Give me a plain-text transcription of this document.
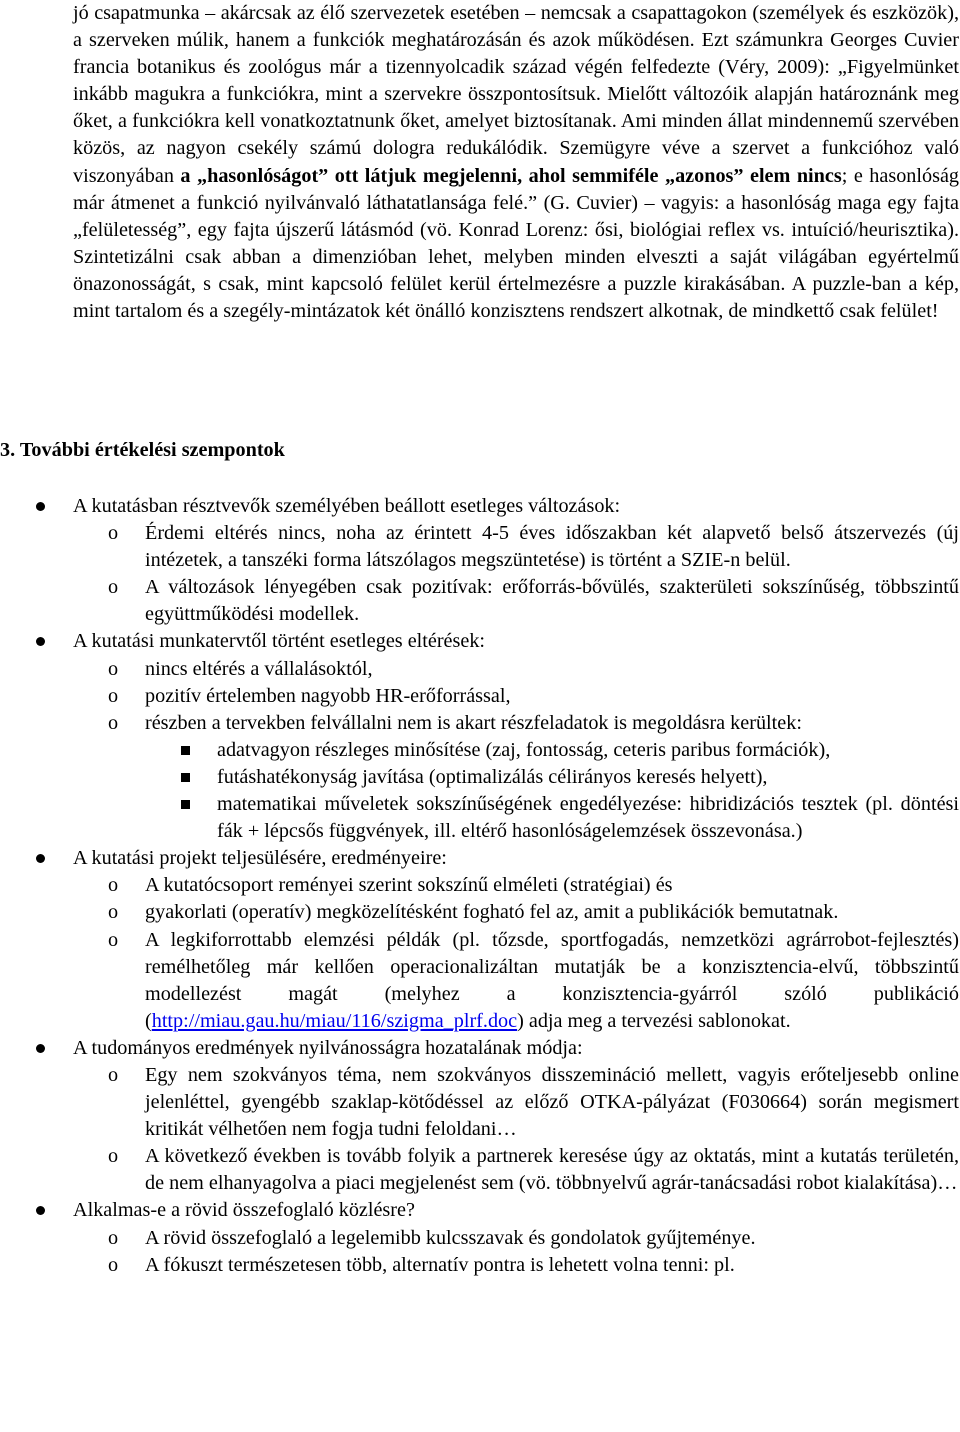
jó csapatmunka – akárcsak az élő szervezetek esetében – nemcsak a csapattagokon (személyek és eszközök), a szerveken múlik, hanem a funkciók meghatározásán és azok működésen. Ezt számunkra Georges Cuvier francia botanikus és zoológus már a tizennyolcadik század végén felfedezte (Véry, 2009): „Figyelmünket inkább magukra a funkciókra, mint a szervekre összpontosítsuk. Mielőtt változóik alapján határoznánk meg őket, a funkciókra kell vonatkoztatnunk őket, amelyet biztosítanak. Ami minden állat mindennemű szervében közös, az nagyon csekély számú dologra redukálódik. Szemügyre véve a szervet a funkcióhoz való viszonyában a „hasonlóságot” ott látjuk megjelenni, ahol semmiféle „azonos” elem nincs; e hasonlóság már átmenet a funkció nyilvánvaló láthatatlansága felé.” (G. Cuvier) – vagyis: a hasonlóság maga egy fajta „felületesség”, egy fajta újszerű látásmód (vö. Konrad Lorenz: ősi, biológiai reflex vs. intuíció/heurisztika). Szintetizálni csak abban a dimenzióban lehet, melyben minden elveszti a saját világában egyértelmű önazonosságát, s csak, mint kapcsoló felület kerül értelmezésre a puzzle kirakásában. A puzzle-ban a kép, mint tartalom és a szegély-mintázatok két önálló konzisztens rendszert alkotnak, de mindkettő csak felület!

3. További értékelési szempontok
A kutatásban résztvevők személyében beállott esetleges változások:
o Érdemi eltérés nincs, noha az érintett 4-5 éves időszakban két alapvető belső átszervezés (új intézetek, a tanszéki forma látszólagos megszüntetése) is történt a SZIE-n belül.
o A változások lényegében csak pozitívak: erőforrás-bővülés, szakterületi sokszínűség, többszintű együttműködési modellek.
A kutatási munkatervtől történt esetleges eltérések:
o nincs eltérés a vállalásoktól,
o pozitív értelemben nagyobb HR-erőforrással,
o részben a tervekben felvállalni nem is akart részfeladatok is megoldásra kerültek:
adatvagyon részleges minősítése (zaj, fontosság, ceteris paribus formációk),
futáshatékonyság javítása (optimalizálás célirányos keresés helyett),
matematikai műveletek sokszínűségének engedélyezése: hibridizációs tesztek (pl. döntési fák + lépcsős függvények, ill. eltérő hasonlóságelemzések összevonása.)
A kutatási projekt teljesülésére, eredményeire:
o A kutatócsoport reményei szerint sokszínű elméleti (stratégiai) és
o gyakorlati (operatív) megközelítésként fogható fel az, amit a publikációk bemutatnak.
o A legkiforrottabb elemzési példák (pl. tőzsde, sportfogadás, nemzetközi agrárrobot-fejlesztés) remélhetőleg már kellően operacionalizáltan mutatják be a konzisztencia-elvű, többszintű modellezést magát (melyhez a konzisztencia-gyárról szóló publikáció (http://miau.gau.hu/miau/116/szigma_plrf.doc) adja meg a tervezési sablonokat.
A tudományos eredmények nyilvánosságra hozatalának módja:
o Egy nem szokványos téma, nem szokványos disszemináció mellett, vagyis erőteljesebb online jelenléttel, gyengébb szaklap-kötődéssel az előző OTKA-pályázat (F030664) során megismert kritikát vélhetően nem fogja tudni feloldani…
o A következő években is tovább folyik a partnerek keresése úgy az oktatás, mint a kutatás területén, de nem elhanyagolva a piaci megjelenést sem (vö. többnyelvű agrár-tanácsadási robot kialakítása)…
Alkalmas-e a rövid összefoglaló közlésre?
o A rövid összefoglaló a legelemibb kulcsszavak és gondolatok gyűjteménye.
o A fókuszt természetesen több, alternatív pontra is lehetett volna tenni: pl.
